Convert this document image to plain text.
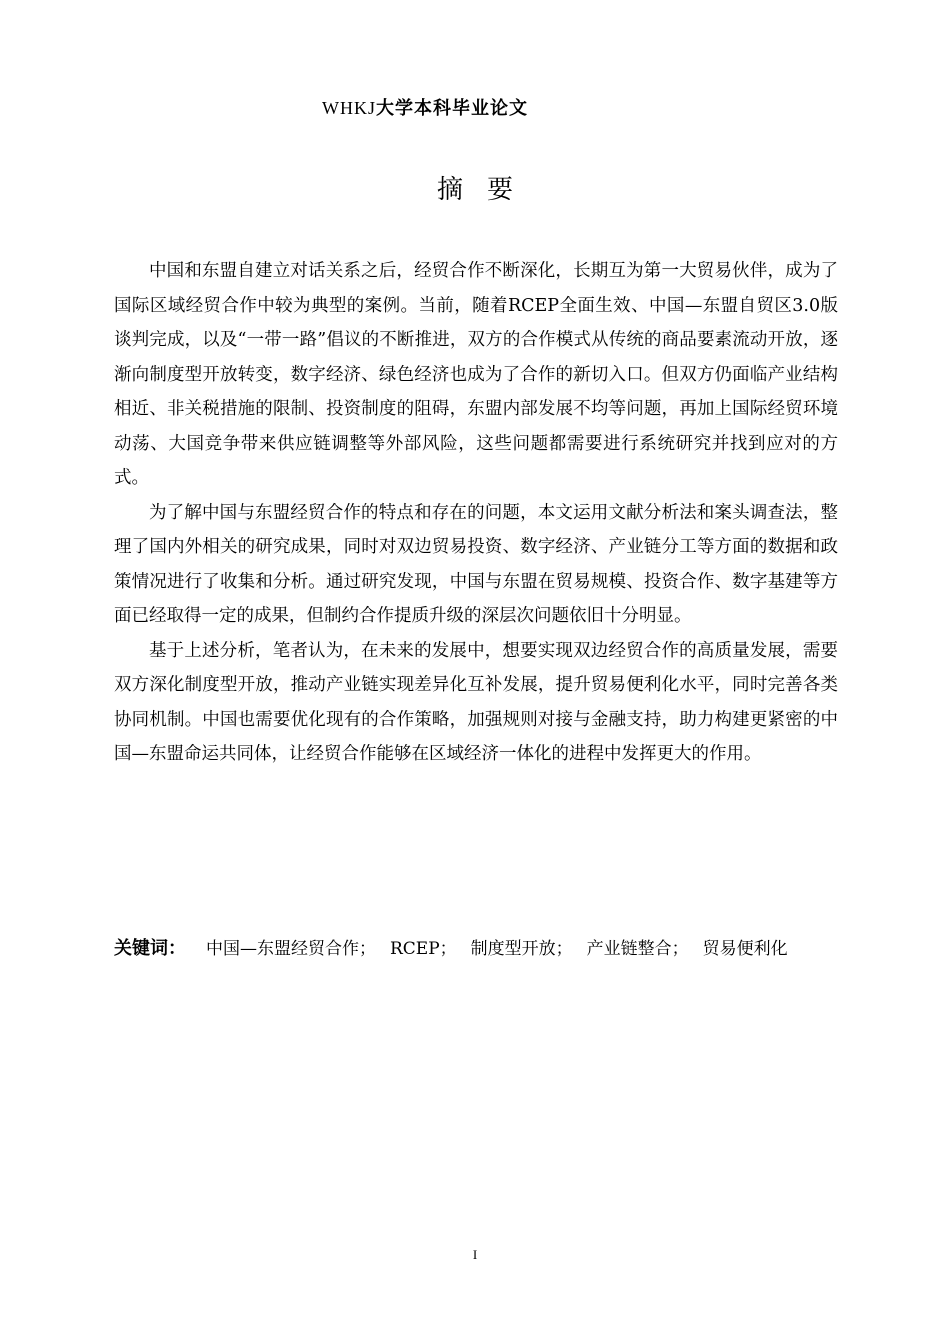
WHKJ大学本科毕业论文
摘要

中国和东盟自建立对话关系之后，经贸合作不断深化，长期互为第一大贸易伙伴，成为了国际区域经贸合作中较为典型的案例。当前，随着RCEP全面生效、中国—东盟自贸区3.0版谈判完成，以及“一带一路”倡议的不断推进，双方的合作模式从传统的商品要素流动开放，逐渐向制度型开放转变，数字经济、绿色经济也成为了合作的新切入口。但双方仍面临产业结构相近、非关税措施的限制、投资制度的阻碍，东盟内部发展不均等问题，再加上国际经贸环境动荡、大国竞争带来供应链调整等外部风险，这些问题都需要进行系统研究并找到应对的方式。

为了解中国与东盟经贸合作的特点和存在的问题，本文运用文献分析法和案头调查法，整理了国内外相关的研究成果，同时对双边贸易投资、数字经济、产业链分工等方面的数据和政策情况进行了收集和分析。通过研究发现，中国与东盟在贸易规模、投资合作、数字基建等方面已经取得一定的成果，但制约合作提质升级的深层次问题依旧十分明显。

基于上述分析，笔者认为，在未来的发展中，想要实现双边经贸合作的高质量发展，需要双方深化制度型开放，推动产业链实现差异化互补发展，提升贸易便利化水平，同时完善各类协同机制。中国也需要优化现有的合作策略，加强规则对接与金融支持，助力构建更紧密的中国—东盟命运共同体，让经贸合作能够在区域经济一体化的进程中发挥更大的作用。

关键词： 中国—东盟经贸合作； RCEP； 制度型开放； 产业链整合； 贸易便利化
I
